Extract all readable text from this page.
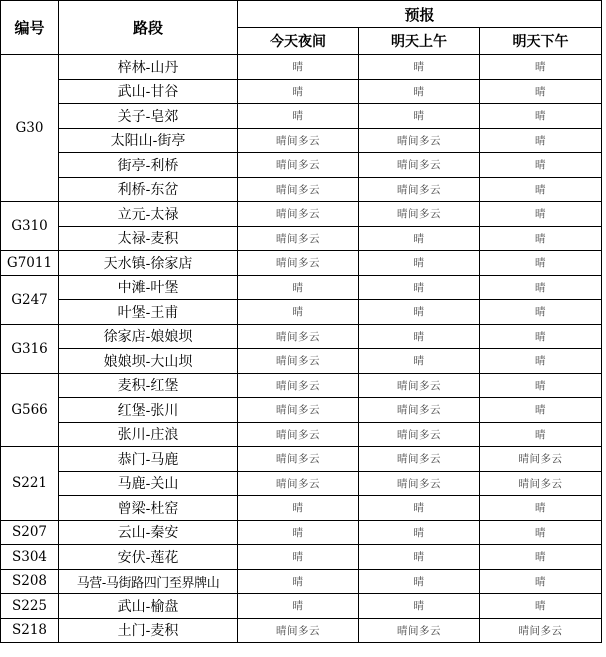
编号	路段	预报		
		今天夜间	明天上午	明天下午
G30	梓林-山丹	晴	晴	晴
	武山-甘谷	晴	晴	晴
	关子-皂郊	晴	晴	晴
	太阳山-街亭	晴间多云	晴间多云	晴
	街亭-利桥	晴间多云	晴间多云	晴
	利桥-东岔	晴间多云	晴间多云	晴
G310	立元-太禄	晴间多云	晴间多云	晴
	太禄-麦积	晴间多云	晴	晴
G7011	天水镇-徐家店	晴间多云	晴	晴
G247	中滩-叶堡	晴	晴	晴
	叶堡-王甫	晴	晴	晴
G316	徐家店-娘娘坝	晴间多云	晴	晴
	娘娘坝-大山坝	晴间多云	晴	晴
G566	麦积-红堡	晴间多云	晴间多云	晴
	红堡-张川	晴间多云	晴间多云	晴
	张川-庄浪	晴间多云	晴间多云	晴
S221	恭门-马鹿	晴间多云	晴间多云	晴间多云
	马鹿-关山	晴间多云	晴间多云	晴间多云
	曾梁-杜窑	晴	晴	晴
S207	云山-秦安	晴	晴	晴
S304	安伏-莲花	晴	晴	晴
S208	马营-马街路四门至界牌山	晴	晴	晴
S225	武山-榆盘	晴	晴	晴
S218	土门-麦积	晴间多云	晴间多云	晴间多云
